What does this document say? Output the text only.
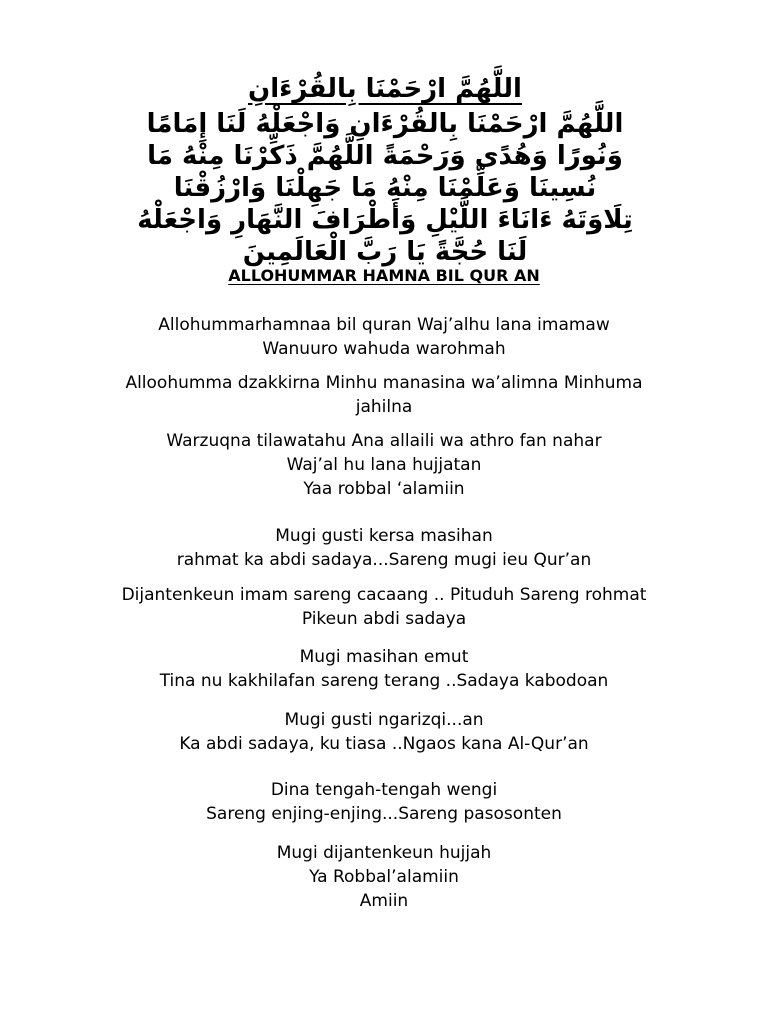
اللَّهُمَّ ارْحَمْنَا بِالقُرْءَانِ

اللَّهُمَّ ارْحَمْنَا بِالقُرْءَانِ وَاجْعَلْهُ لَنَا إِمَامًا

وَنُورًا وَهُدًى وَرَحْمَةً اللَّهُمَّ ذَكِّرْنَا مِنْهُ مَا

نُسِينَا وَعَلِّمْنَا مِنْهُ مَا جَهِلْنَا وَارْزُقْنَا

تِلَاوَتَهُ ءَانَاءَ اللَّيْلِ وَأَطْرَافَ النَّهَارِ وَاجْعَلْهُ

لَنَا حُجَّةً يَا رَبَّ الْعَالَمِينَ

ALLOHUMMAR HAMNA BIL QUR AN
Allohummarhamnaa bil quran Waj’alhu lana imamaw
Wanuuro wahuda warohmah
Alloohumma dzakkirna Minhu manasina wa’alimna Minhuma
jahilna
Warzuqna tilawatahu Ana allaili wa athro fan nahar
Waj’al hu lana hujjatan
Yaa robbal ‘alamiin
Mugi gusti kersa masihan
rahmat ka abdi sadaya...Sareng mugi ieu Qur’an
Dijantenkeun imam sareng cacaang .. Pituduh Sareng rohmat
Pikeun abdi sadaya
Mugi masihan emut
Tina nu kakhilafan sareng terang ..Sadaya kabodoan
Mugi gusti ngarizqi...an
Ka abdi sadaya, ku tiasa ..Ngaos kana Al-Qur’an
Dina tengah-tengah wengi
Sareng enjing-enjing...Sareng pasosonten
Mugi dijantenkeun hujjah
Ya Robbal’alamiin
Amiin
